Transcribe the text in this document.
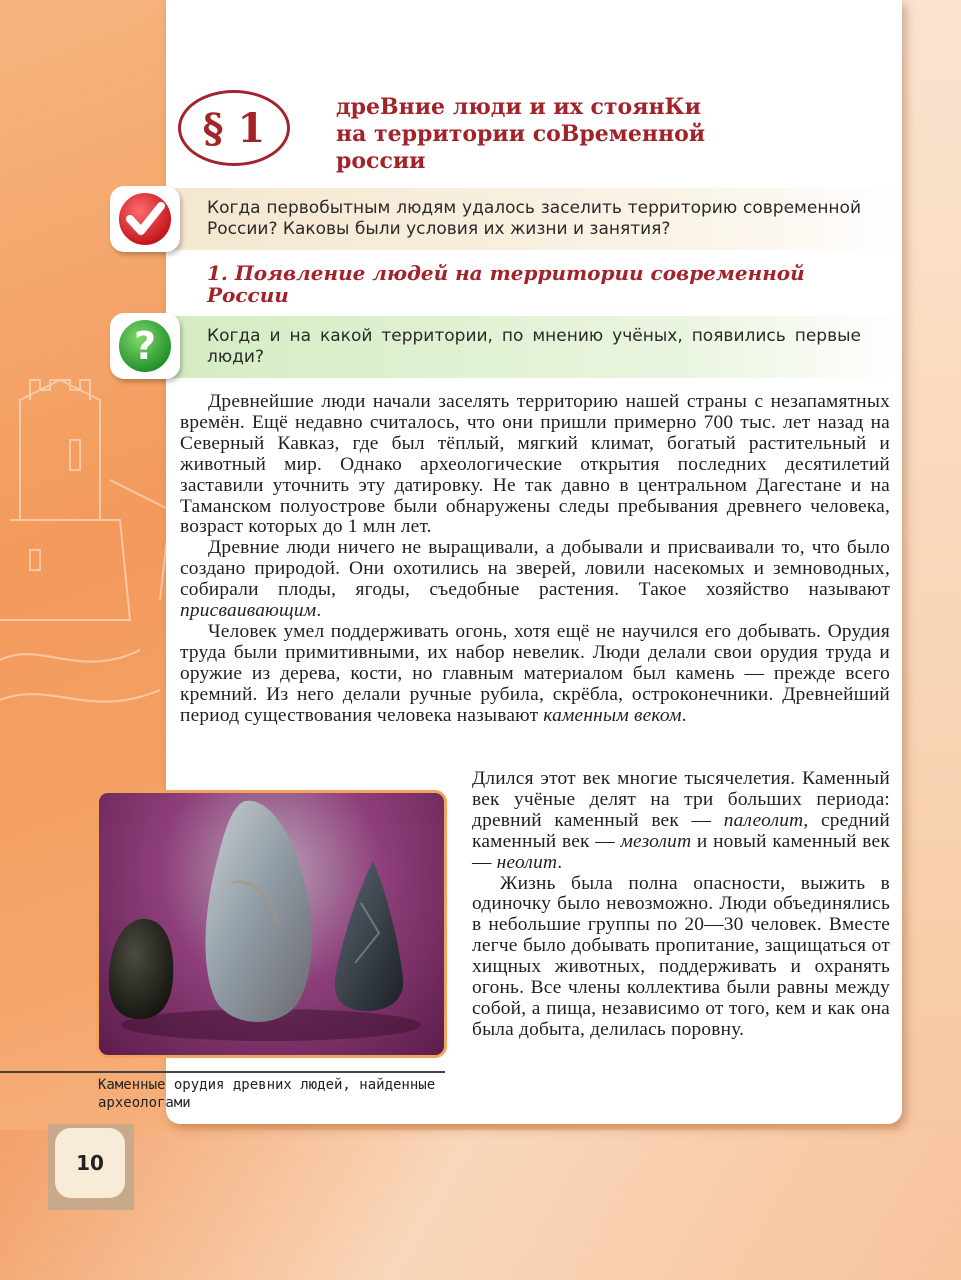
§ 1	дреВние люди и их стоянКи на территории соВременной россии
Когда первобытным людям удалось заселить территорию современной России? Каковы были условия их жизни и занятия?
1. Появление людей на территории современной России
?	Когда и на какой территории, по мнению учёных, появились первые люди?

Древнейшие люди начали заселять территорию нашей страны с незапамятных времён. Ещё недавно считалось, что они пришли примерно 700 тыс. лет назад на Северный Кавказ, где был тёплый, мягкий климат, богатый растительный и животный мир. Однако археологические открытия последних десятилетий заставили уточнить эту датировку. Не так давно в центральном Дагестане и на Таманском полуострове были обнаружены следы пребывания древнего человека, возраст которых до 1 млн лет.

Древние люди ничего не выращивали, а добывали и присваивали то, что было создано природой. Они охотились на зверей, ловили насекомых и земноводных, собирали плоды, ягоды, съедобные растения. Такое хозяйство называют присваивающим.

Человек умел поддерживать огонь, хотя ещё не научился его добывать. Орудия труда были примитивными, их набор невелик. Люди делали свои орудия труда и оружие из дерева, кости, но главным материалом был камень — прежде всего кремний. Из него делали ручные рубила, скрёбла, остроконечники. Древнейший период существования человека называют каменным веком.

Длился этот век многие тысячелетия. Каменный век учёные делят на три больших периода: древний каменный век — палеолит, средний каменный век — мезолит и новый каменный век — неолит.

Жизнь была полна опасности, выжить в одиночку было невозможно. Люди объединялись в небольшие группы по 20—30 человек. Вместе легче было добывать пропитание, защищаться от хищных животных, поддерживать и охранять огонь. Все члены коллектива были равны между собой, а пища, независимо от того, кем и как она была добыта, делилась поровну.

Каменные орудия древних людей, найденные археологами
10
